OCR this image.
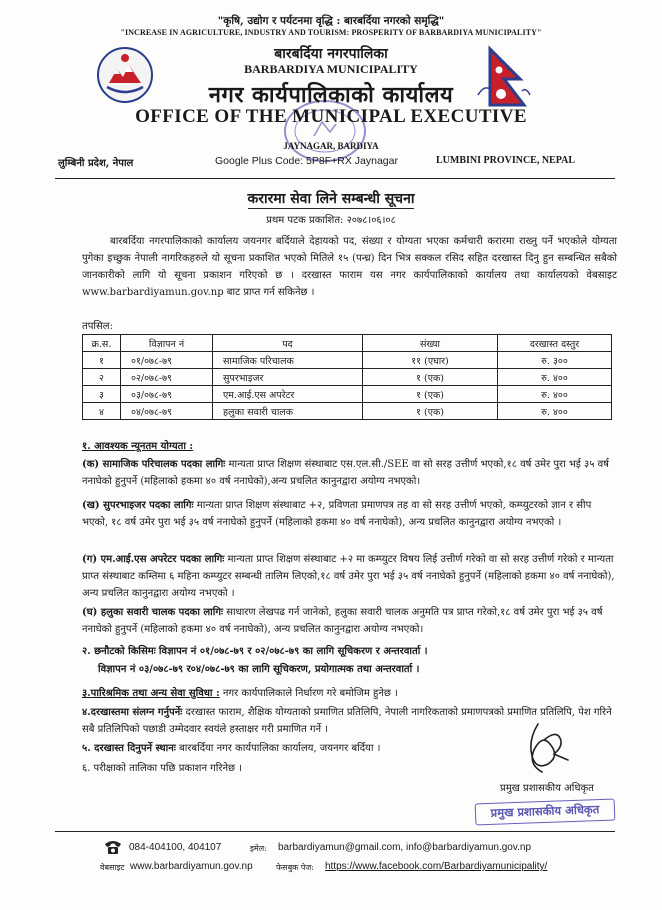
"कृषि, उद्योग र पर्यटनमा वृद्धि : बारबर्दिया नगरको समृद्धि"
"INCREASE IN AGRICULTURE, INDUSTRY AND TOURISM: PROSPERITY OF BARBARDIYA MUNICIPALITY"
बारबर्दिया नगरपालिका
BARBARDIYA MUNICIPALITY
नगर कार्यपालिकाको कार्यालय
OFFICE OF THE MUNICIPAL EXECUTIVE
JAYNAGAR, BARDIYA
लुम्बिनी प्रदेश, नेपाल	Google Plus Code: 5P8F+RX Jaynagar	LUMBINI PROVINCE, NEPAL
करारमा सेवा लिने सम्बन्धी सूचना
प्रथम पटक प्रकाशित: २०७८।०६।०८
बारबर्दिया नगरपालिकाको कार्यालय जयनगर बर्दियाले देहायको पद, संख्या र योग्यता भएका कर्मचारी करारमा राख्नु पर्ने भएकोले योग्यता पुगेका इच्छुक नेपाली नागरिकहरुले यो सूचना प्रकाशित भएको मितिले १५ (पन्ध्र) दिन भित्र सक्कल रसिद सहित दरखास्त दिनु हुन सम्बन्धित सबैको जानकारीको लागि यो सूचना प्रकाशन गरिएको छ । दरखास्त फाराम यस नगर कार्यपालिकाको कार्यालय तथा कार्यालयको वेबसाइट www.barbardiyamun.gov.np बाट प्राप्त गर्न सकिनेछ ।
तपसिल:
क्र.स.	विज्ञापन नं	पद	संख्या	दरखास्त दस्तुर
१	०१/०७८-७९	सामाजिक परिचालक	११ (एघार)	रु. ३००
२	०२/०७८-७९	सुपरभाइजर	१ (एक)	रु. ४००
३	०३/०७८-७९	एम.आई.एस अपरेटर	१ (एक)	रु. ४००
४	०४/०७८-७९	हलुका सवारी चालक	१ (एक)	रु. ४००
१. आवश्यक न्यूनतम योग्यता :
(क) सामाजिक परिचालक पदका लागिः मान्यता प्राप्त शिक्षण संस्थाबाट एस.एल.सी./SEE वा सो सरह उत्तीर्ण भएको,१८ वर्ष उमेर पुरा भई ३५ वर्ष ननाघेको हुनुपर्ने (महिलाको हकमा ४० वर्ष ननाघेको),अन्य प्रचलित कानुनद्वारा अयोग्य नभएको।
(ख) सुपरभाइजर पदका लागिः मान्यता प्राप्त शिक्षण संस्थाबाट +२, प्रविणता प्रमाणपत्र तह वा सो सरह उत्तीर्ण भएको, कम्प्युटरको ज्ञान र सीप भएको, १८ वर्ष उमेर पुरा भई ३५ वर्ष ननाघेको हुनुपर्ने (महिलाको हकमा ४० वर्ष ननाघेको), अन्य प्रचलित कानुनद्वारा अयोग्य नभएको ।
(ग) एम.आई.एस अपरेटर पदका लागिः मान्यता प्राप्त शिक्षण संस्थाबाट +२ मा कम्प्युटर विषय लिई उत्तीर्ण गरेको वा सो सरह उत्तीर्ण गरेको र मान्यता प्राप्त संस्थाबाट कम्तिमा ६ महिना कम्प्युटर सम्बन्धी तालिम लिएको,१८ वर्ष उमेर पुरा भई ३५ वर्ष ननाघेको हुनुपर्ने (महिलाको हकमा ४० वर्ष ननाघेको), अन्य प्रचलित कानुनद्वारा अयोग्य नभएको ।
(घ) हलुका सवारी चालक पदका लागिः साधारण लेखपढ गर्न जानेको, हलुका सवारी चालक अनुमति पत्र प्राप्त गरेको,१८ वर्ष उमेर पुरा भई ३५ वर्ष ननाघेको हुनुपर्ने (महिलाको हकमा ४० वर्ष ननाघेको), अन्य प्रचलित कानुनद्वारा अयोग्य नभएको।
२. छनौटको किसिमः विज्ञापन नं ०१/०७८-७९ र ०२/०७८-७९ का लागि सूचिकरण र अन्तरवार्ता ।
विज्ञापन नं ०३/०७८-७९ र०४/०७८-७९ का लागि सूचिकरण, प्रयोगात्मक तथा अन्तरवार्ता ।
३.पारिश्रमिक तथा अन्य सेवा सुविधा : नगर कार्यपालिकाले निर्धारण गरे बमोजिम हुनेछ ।
४.दरखास्तमा संलग्न गर्नुपर्नेः दरखास्त फाराम, शैक्षिक योग्यताको प्रमाणित प्रतिलिपि, नेपाली नागरिकताको प्रमाणपत्रको प्रमाणित प्रतिलिपि, पेश गरिने सबै प्रतिलिपिको पछाडी उम्मेदवार स्वयंले हस्ताक्षर गरी प्रमाणित गर्ने ।
५. दरखास्त दिनुपर्ने स्थानः बारबर्दिया नगर कार्यपालिका कार्यालय, जयनगर बर्दिया ।
६. परीक्षाको तालिका पछि प्रकाशन गरिनेछ ।
प्रमुख प्रशासकीय अधिकृत
प्रमुख प्रशासकीय अधिकृत
084-404100, 404107	इमेल: barbardiyamun@gmail.com, info@barbardiyamun.gov.np
वेबसाइट www.barbardiyamun.gov.np	फेसबुक पेज: https://www.facebook.com/Barbardiyamunicipality/
